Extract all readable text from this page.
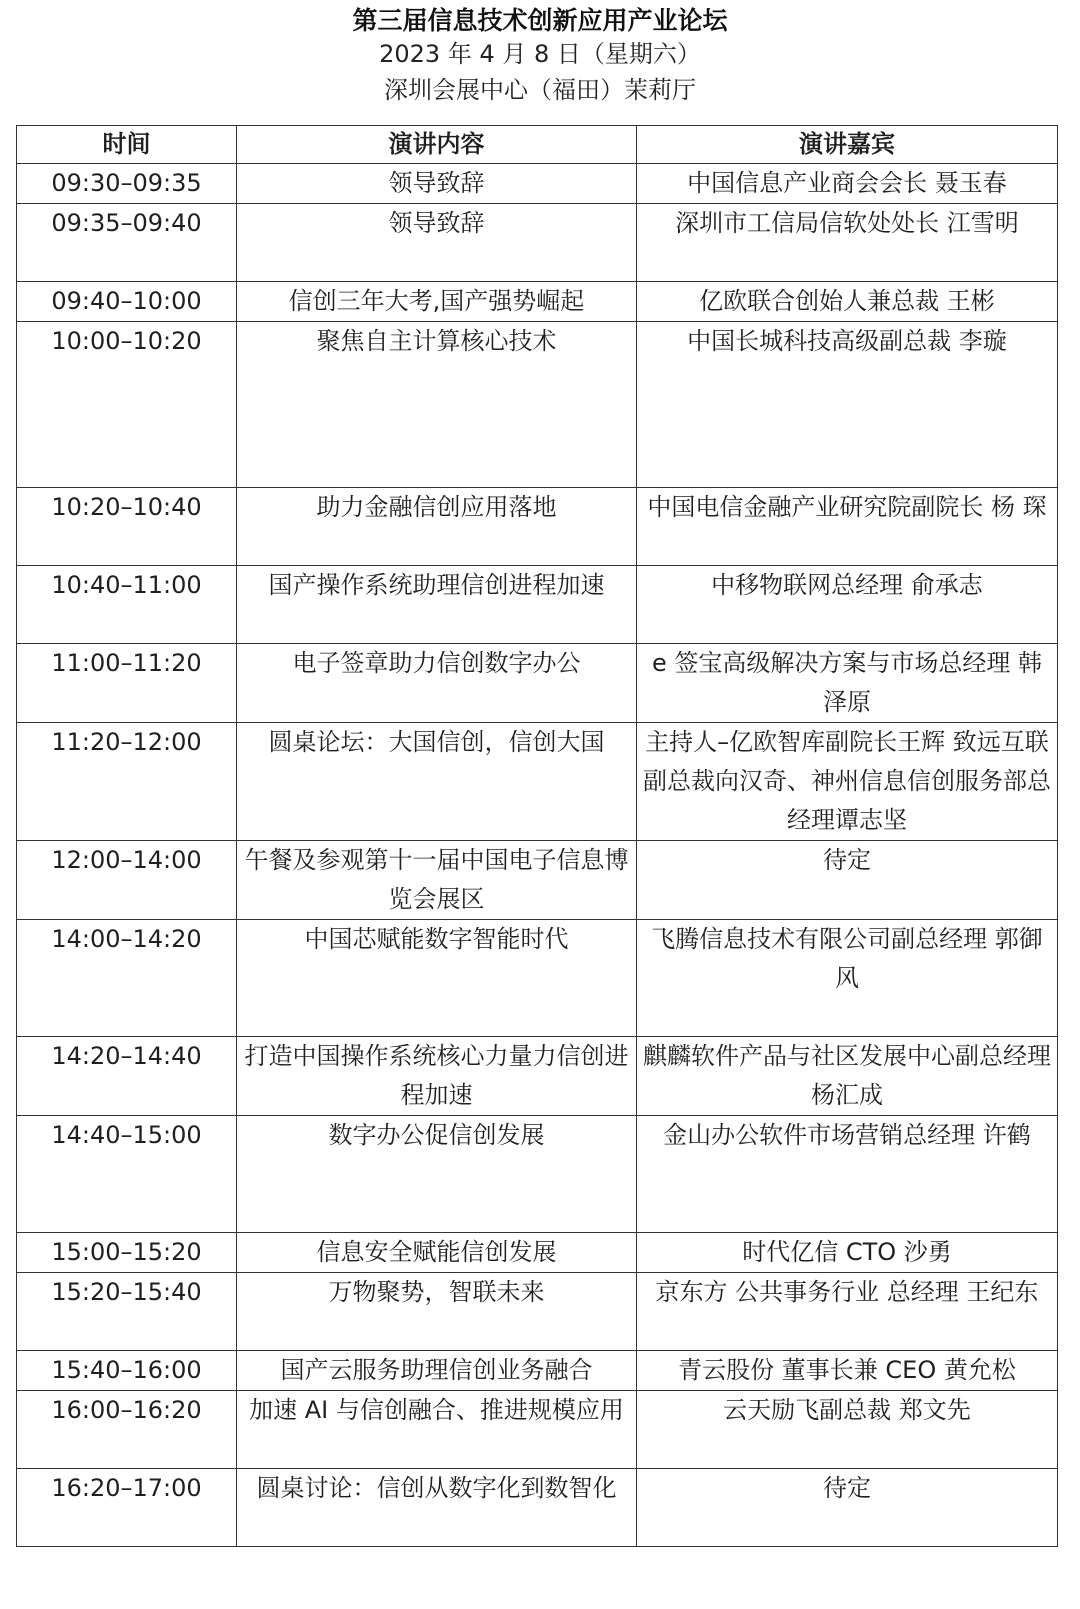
第三届信息技术创新应用产业论坛
2023 年 4 月 8 日（星期六）
深圳会展中心（福田）茉莉厅
时间	演讲内容	演讲嘉宾
09:30–09:35	领导致辞	中国信息产业商会会长 聂玉春
09:35–09:40	领导致辞	深圳市工信局信软处处长 江雪明
09:40–10:00	信创三年大考,国产强势崛起	亿欧联合创始人兼总裁 王彬
10:00–10:20	聚焦自主计算核心技术	中国长城科技高级副总裁 李璇
10:20–10:40	助力金融信创应用落地	中国电信金融产业研究院副院长 杨 琛
10:40–11:00	国产操作系统助理信创进程加速	中移物联网总经理 俞承志
11:00–11:20	电子签章助力信创数字办公	e 签宝高级解决方案与市场总经理 韩泽原
11:20–12:00	圆桌论坛：大国信创，信创大国	主持人–亿欧智库副院长王辉 致远互联副总裁向汉奇、神州信息信创服务部总经理谭志坚
12:00–14:00	午餐及参观第十一届中国电子信息博览会展区	待定
14:00–14:20	中国芯赋能数字智能时代	飞腾信息技术有限公司副总经理 郭御风
14:20–14:40	打造中国操作系统核心力量力信创进程加速	麒麟软件产品与社区发展中心副总经理 杨汇成
14:40–15:00	数字办公促信创发展	金山办公软件市场营销总经理 许鹤
15:00–15:20	信息安全赋能信创发展	时代亿信 CTO 沙勇
15:20–15:40	万物聚势，智联未来	京东方 公共事务行业 总经理 王纪东
15:40–16:00	国产云服务助理信创业务融合	青云股份 董事长兼 CEO 黄允松
16:00–16:20	加速 AI 与信创融合、推进规模应用	云天励飞副总裁 郑文先
16:20–17:00	圆桌讨论：信创从数字化到数智化	待定
